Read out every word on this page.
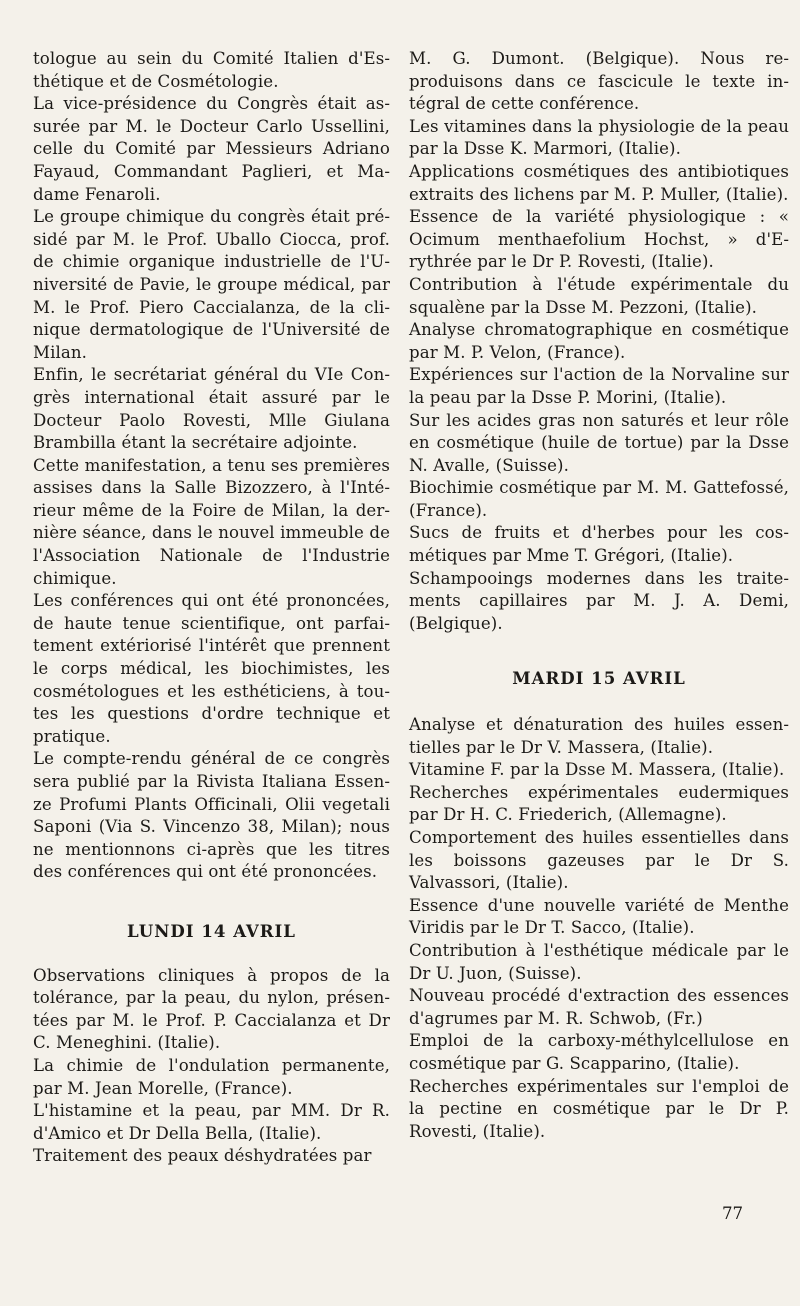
tologue au sein du Comité Italien d'Esthétique et de Cosmétologie.

La vice-présidence du Congrès était assurée par M. le Docteur Carlo Ussellini, celle du Comité par Messieurs Adriano Fayaud, Commandant Paglieri, et Madame Fenaroli.

Le groupe chimique du congrès était présidé par M. le Prof. Uballo Ciocca, prof. de chimie organique industrielle de l'Université de Pavie, le groupe médical, par M. le Prof. Piero Caccialanza, de la clinique dermatologique de l'Université de Milan.

Enfin, le secrétariat général du VIe Congrès international était assuré par le Docteur Paolo Rovesti, Mlle Giulana Brambilla étant la secrétaire adjointe.

Cette manifestation, a tenu ses premières assises dans la Salle Bizozzero, à l'Intérieur même de la Foire de Milan, la dernière séance, dans le nouvel immeuble de l'Association Nationale de l'Industrie chimique.

Les conférences qui ont été prononcées, de haute tenue scientifique, ont parfaitement extériorisé l'intérêt que prennent le corps médical, les biochimistes, les cosmétologues et les esthéticiens, à toutes les questions d'ordre technique et pratique.

Le compte-rendu général de ce congrès sera publié par la Rivista Italiana Essenze Profumi Plants Officinali, Olii vegetali Saponi (Via S. Vincenzo 38, Milan); nous ne mentionnons ci-après que les titres des conférences qui ont été prononcées.

LUNDI 14 AVRIL

Observations cliniques à propos de la tolérance, par la peau, du nylon, présentées par M. le Prof. P. Caccialanza et Dr C. Meneghini. (Italie).

La chimie de l'ondulation permanente, par M. Jean Morelle, (France).

L'histamine et la peau, par MM. Dr R. d'Amico et Dr Della Bella, (Italie).

Traitement des peaux déshydratées par

M. G. Dumont. (Belgique). Nous reproduisons dans ce fascicule le texte intégral de cette conférence.

Les vitamines dans la physiologie de la peau par la Dsse K. Marmori, (Italie).

Applications cosmétiques des antibiotiques extraits des lichens par M. P. Muller, (Italie).

Essence de la variété physiologique : « Ocimum menthaefolium Hochst, » d'Erythrée par le Dr P. Rovesti, (Italie).

Contribution à l'étude expérimentale du squalène par la Dsse M. Pezzoni, (Italie).

Analyse chromatographique en cosmétique par M. P. Velon, (France).

Expériences sur l'action de la Norvaline sur la peau par la Dsse P. Morini, (Italie).

Sur les acides gras non saturés et leur rôle en cosmétique (huile de tortue) par la Dsse N. Avalle, (Suisse).

Biochimie cosmétique par M. M. Gattefossé, (France).

Sucs de fruits et d'herbes pour les cosmétiques par Mme T. Grégori, (Italie).

Schampooings modernes dans les traitements capillaires par M. J. A. Demi, (Belgique).

MARDI 15 AVRIL

Analyse et dénaturation des huiles essentielles par le Dr V. Massera, (Italie).

Vitamine F. par la Dsse M. Massera, (Italie).

Recherches expérimentales eudermiques par Dr H. C. Friederich, (Allemagne).

Comportement des huiles essentielles dans les boissons gazeuses par le Dr S. Valvassori, (Italie).

Essence d'une nouvelle variété de Menthe Viridis par le Dr T. Sacco, (Italie).

Contribution à l'esthétique médicale par le Dr U. Juon, (Suisse).

Nouveau procédé d'extraction des essences d'agrumes par M. R. Schwob, (Fr.)

Emploi de la carboxy-méthylcellulose en cosmétique par G. Scapparino, (Italie).

Recherches expérimentales sur l'emploi de la pectine en cosmétique par le Dr P. Rovesti, (Italie).

77
